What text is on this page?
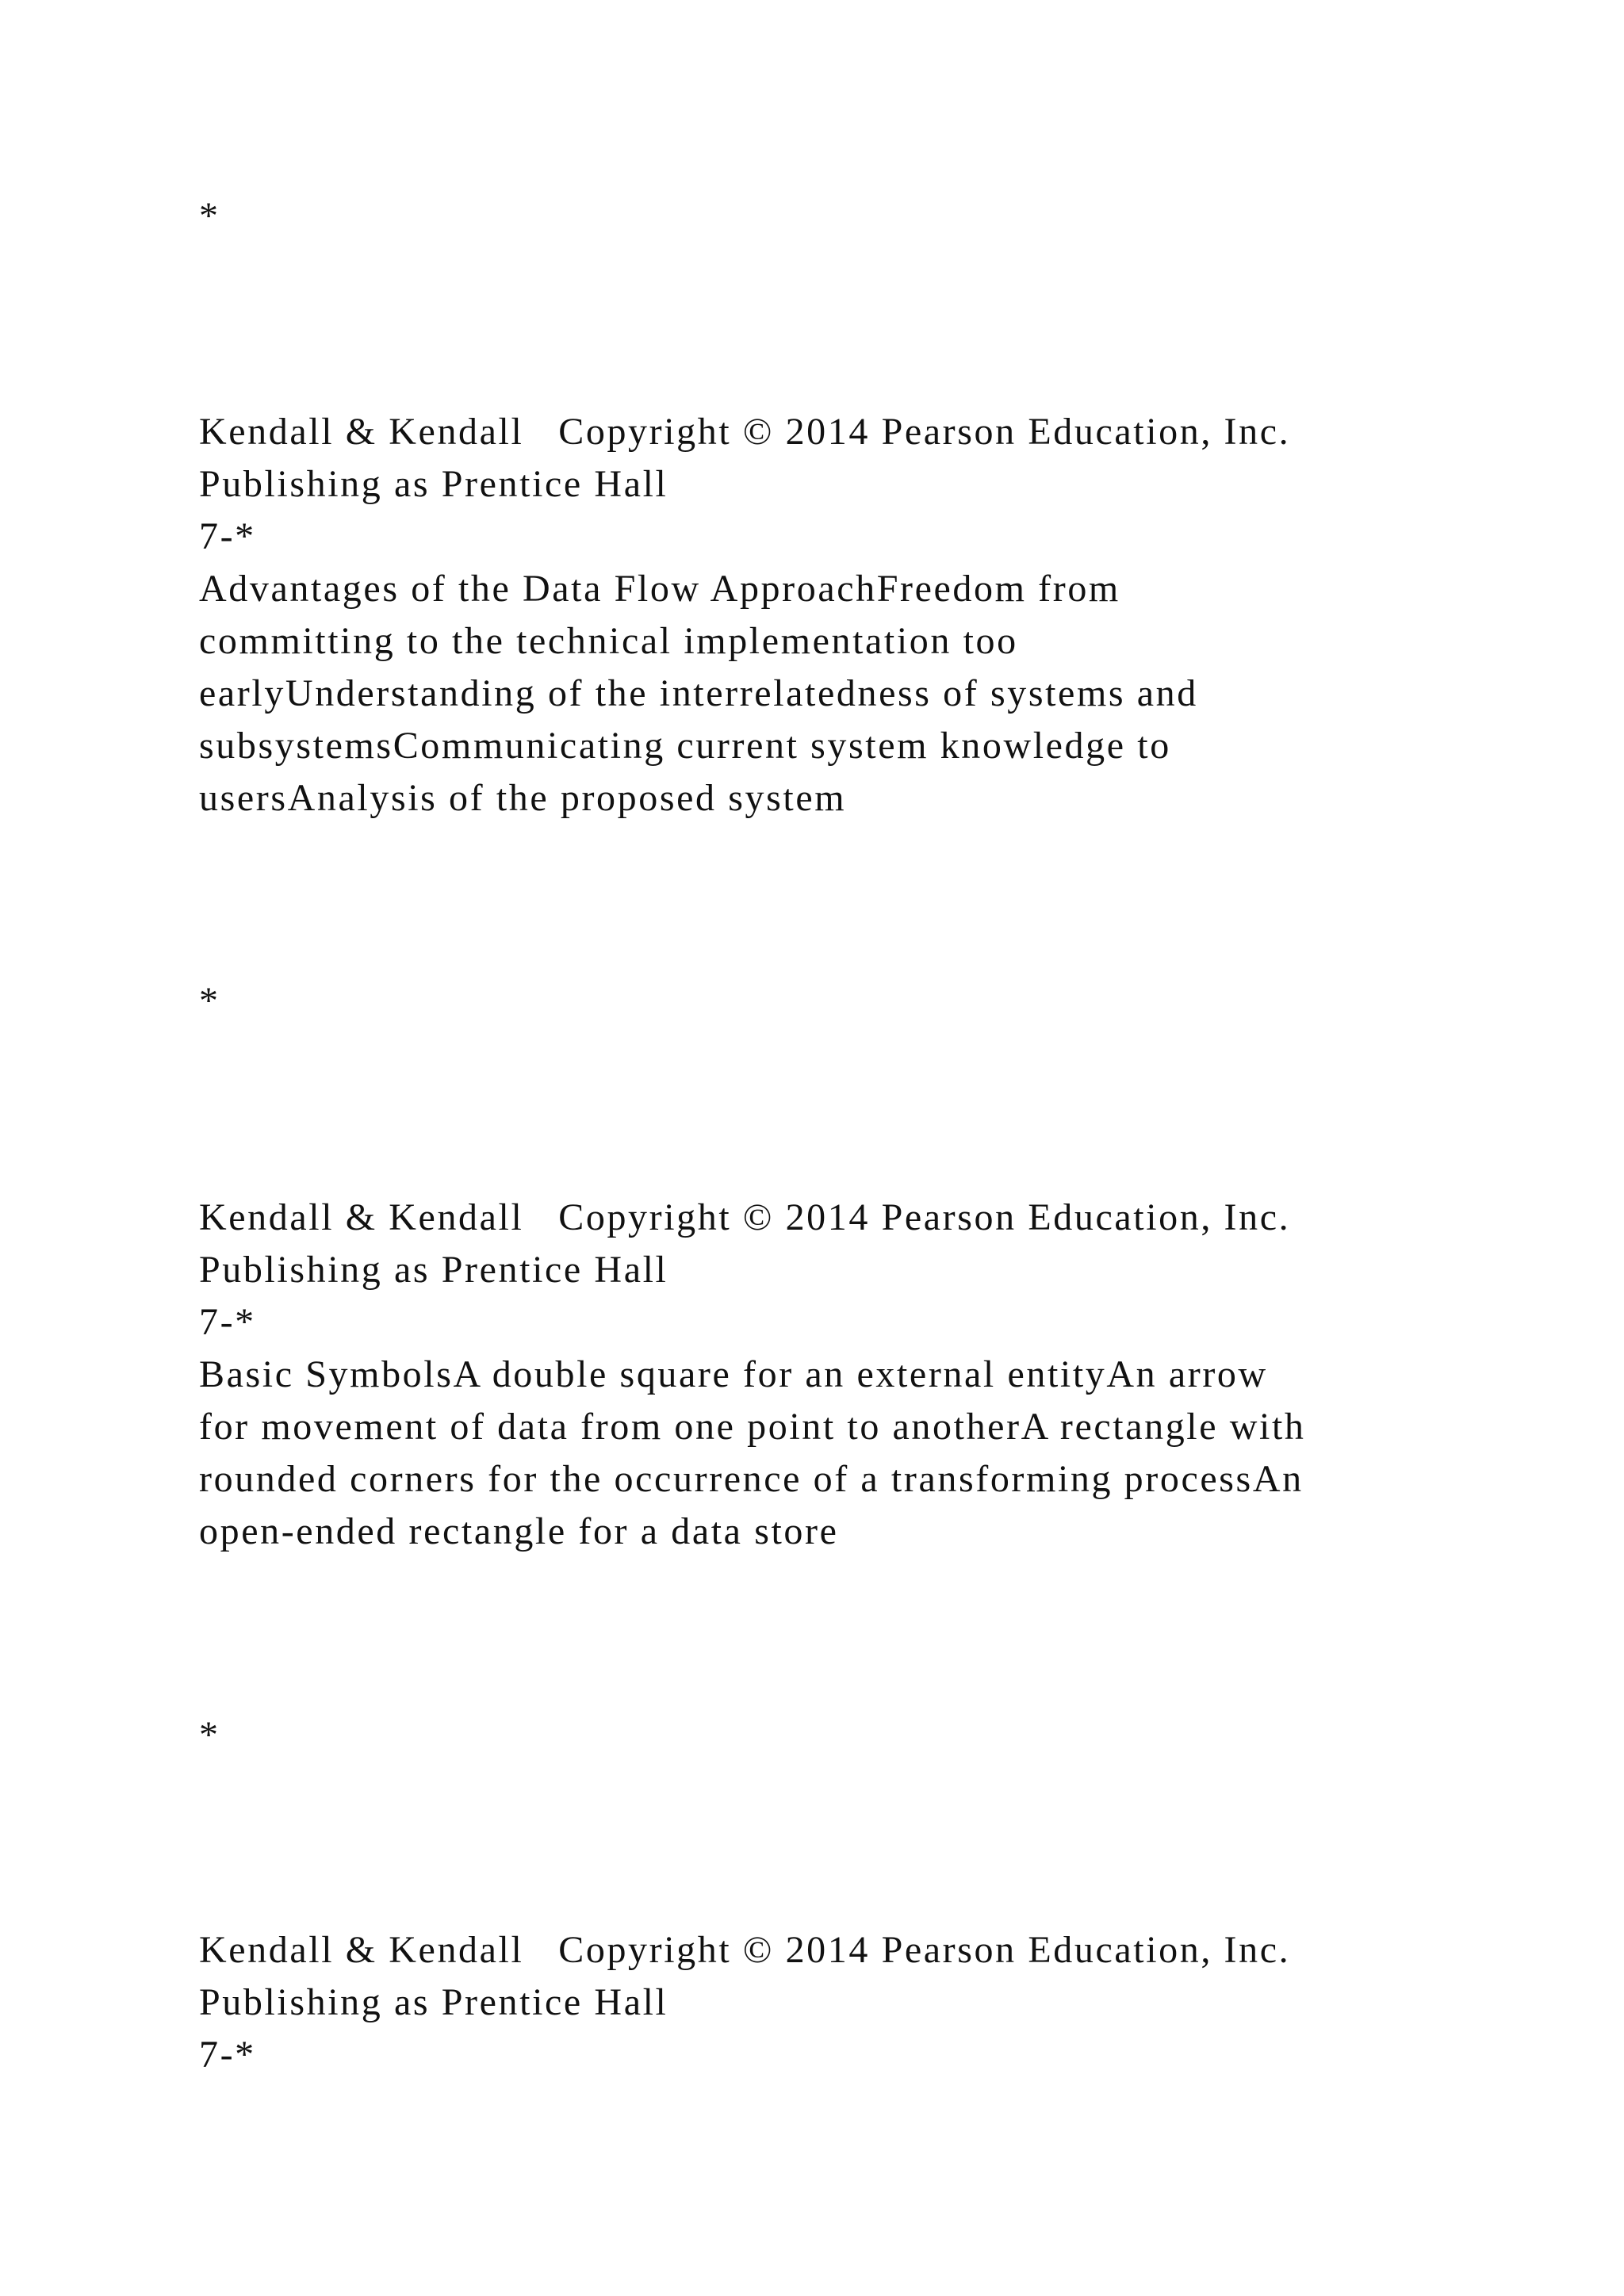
*

Kendall & Kendall   Copyright © 2014 Pearson Education, Inc.

Publishing as Prentice Hall

7-*

Advantages of the Data Flow ApproachFreedom from

committing to the technical implementation too

earlyUnderstanding of the interrelatedness of systems and

subsystemsCommunicating current system knowledge to

usersAnalysis of the proposed system

*

Kendall & Kendall   Copyright © 2014 Pearson Education, Inc.

Publishing as Prentice Hall

7-*

Basic SymbolsA double square for an external entityAn arrow

for movement of data from one point to anotherA rectangle with

rounded corners for the occurrence of a transforming processAn

open-ended rectangle for a data store

*

Kendall & Kendall   Copyright © 2014 Pearson Education, Inc.

Publishing as Prentice Hall

7-*
